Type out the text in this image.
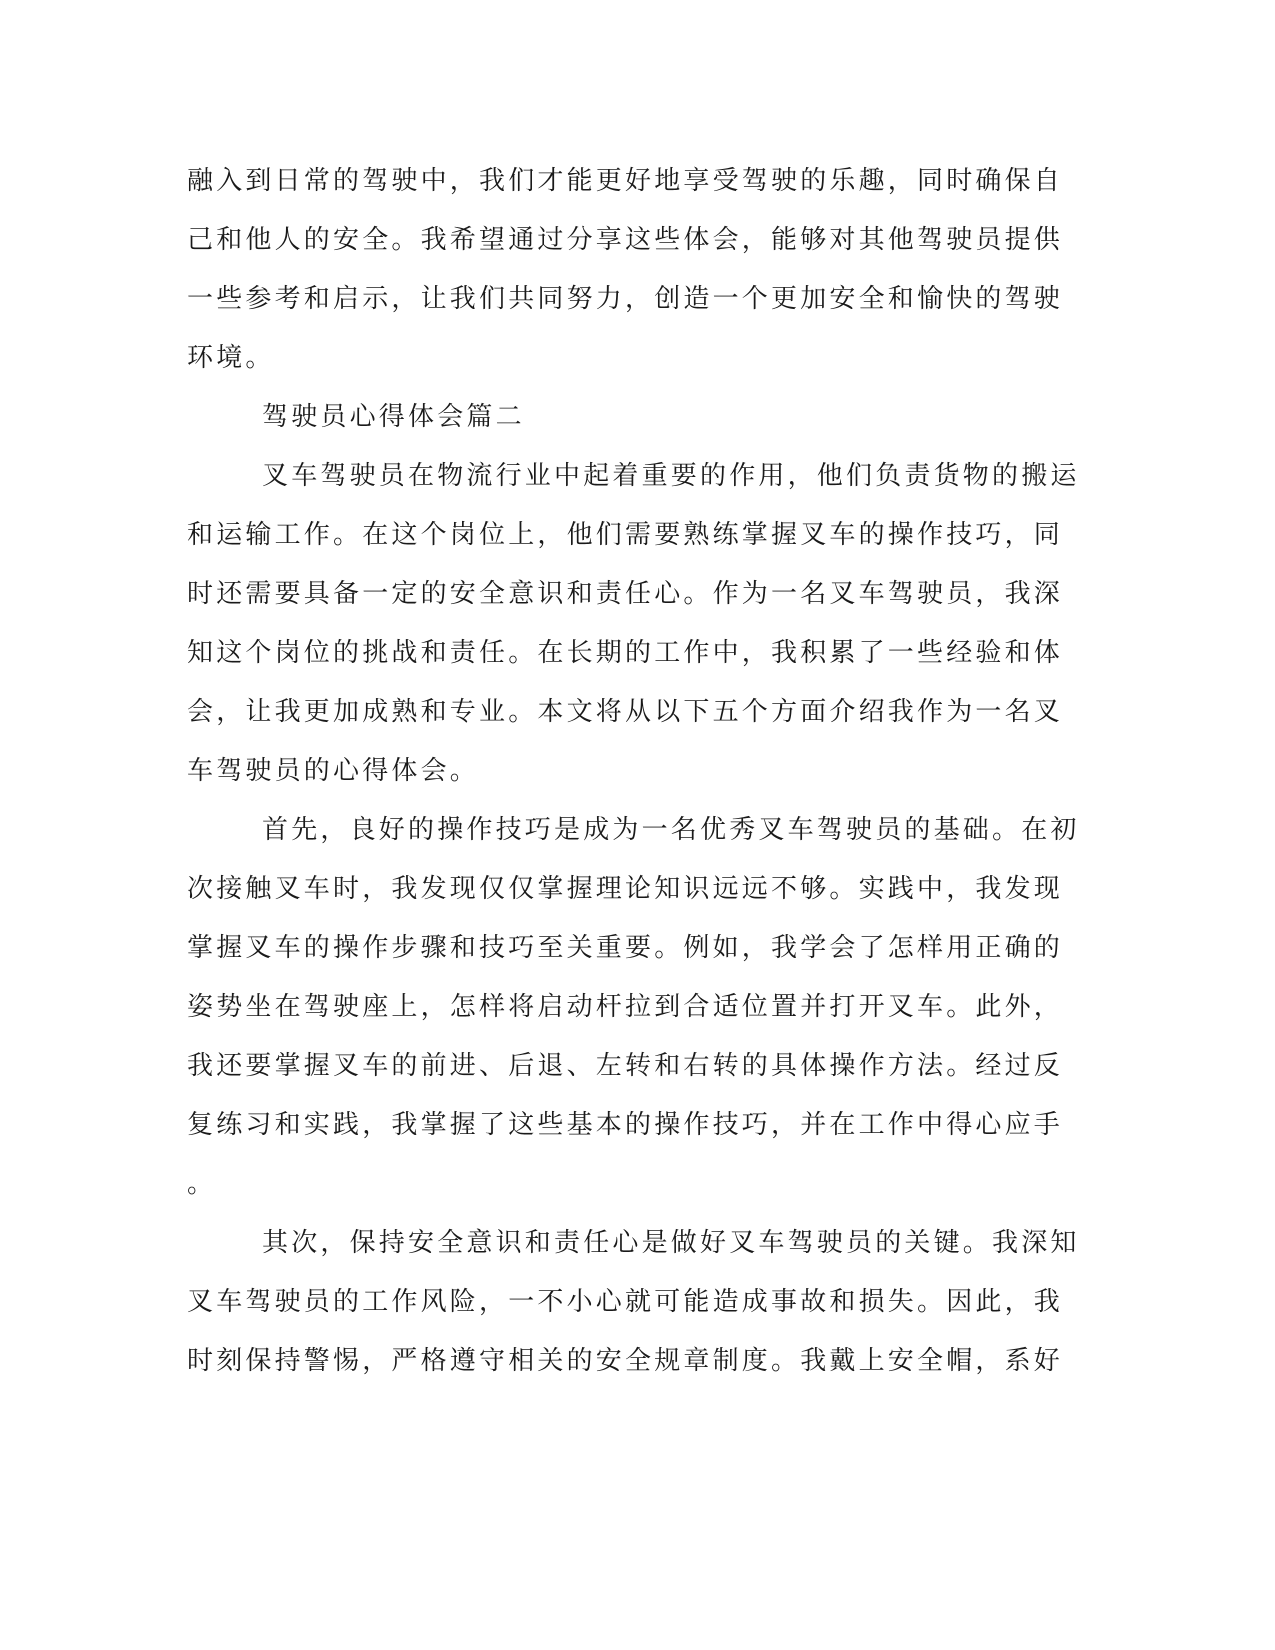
融入到日常的驾驶中，我们才能更好地享受驾驶的乐趣，同时确保自
己和他人的安全。我希望通过分享这些体会，能够对其他驾驶员提供
一些参考和启示，让我们共同努力，创造一个更加安全和愉快的驾驶
环境。
驾驶员心得体会篇二
叉车驾驶员在物流行业中起着重要的作用，他们负责货物的搬运
和运输工作。在这个岗位上，他们需要熟练掌握叉车的操作技巧，同
时还需要具备一定的安全意识和责任心。作为一名叉车驾驶员，我深
知这个岗位的挑战和责任。在长期的工作中，我积累了一些经验和体
会，让我更加成熟和专业。本文将从以下五个方面介绍我作为一名叉
车驾驶员的心得体会。
首先，良好的操作技巧是成为一名优秀叉车驾驶员的基础。在初
次接触叉车时，我发现仅仅掌握理论知识远远不够。实践中，我发现
掌握叉车的操作步骤和技巧至关重要。例如，我学会了怎样用正确的
姿势坐在驾驶座上，怎样将启动杆拉到合适位置并打开叉车。此外，
我还要掌握叉车的前进、后退、左转和右转的具体操作方法。经过反
复练习和实践，我掌握了这些基本的操作技巧，并在工作中得心应手
。
其次，保持安全意识和责任心是做好叉车驾驶员的关键。我深知
叉车驾驶员的工作风险，一不小心就可能造成事故和损失。因此，我
时刻保持警惕，严格遵守相关的安全规章制度。我戴上安全帽，系好
